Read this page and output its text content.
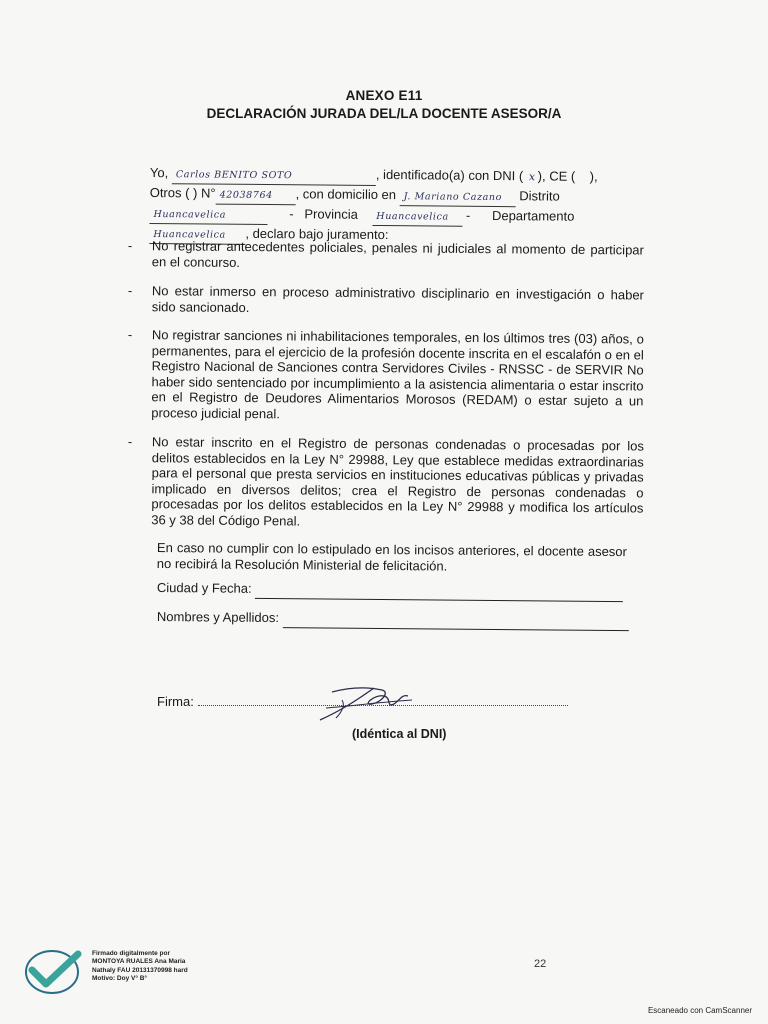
ANEXO E11
DECLARACIÓN JURADA DEL/LA DOCENTE ASESOR/A
Yo, Carlos BENITO SOTO	, identificado(a) con DNI ( x ), CE ( ),
Otros ( ) N° 42038764 , con domicilio en J. Mariano Cazano Distrito
Huancavelica	- Provincia Huancavelica - Departamento
Huancavelica , declaro bajo juramento:
-	No registrar antecedentes policiales, penales ni judiciales al momento de participar en el concurso.
-	No estar inmerso en proceso administrativo disciplinario en investigación o haber sido sancionado.
-	No registrar sanciones ni inhabilitaciones temporales, en los últimos tres (03) años, o permanentes, para el ejercicio de la profesión docente inscrita en el escalafón o en el Registro Nacional de Sanciones contra Servidores Civiles - RNSSC - de SERVIR No haber sido sentenciado por incumplimiento a la asistencia alimentaria o estar inscrito en el Registro de Deudores Alimentarios Morosos (REDAM) o estar sujeto a un proceso judicial penal.
-	No estar inscrito en el Registro de personas condenadas o procesadas por los delitos establecidos en la Ley N° 29988, Ley que establece medidas extraordinarias para el personal que presta servicios en instituciones educativas públicas y privadas implicado en diversos delitos; crea el Registro de personas condenadas o procesadas por los delitos establecidos en la Ley N° 29988 y modifica los artículos 36 y 38 del Código Penal.
En caso no cumplir con lo estipulado en los incisos anteriores, el docente asesor no recibirá la Resolución Ministerial de felicitación.
Ciudad y Fecha:
Nombres y Apellidos:
Firma:
(Idéntica al DNI)
Firmado digitalmente por
MONTOYA RUALES Ana Maria
Nathaly FAU 20131370998 hard
Motivo: Doy V° B°
22
Escaneado con CamScanner
